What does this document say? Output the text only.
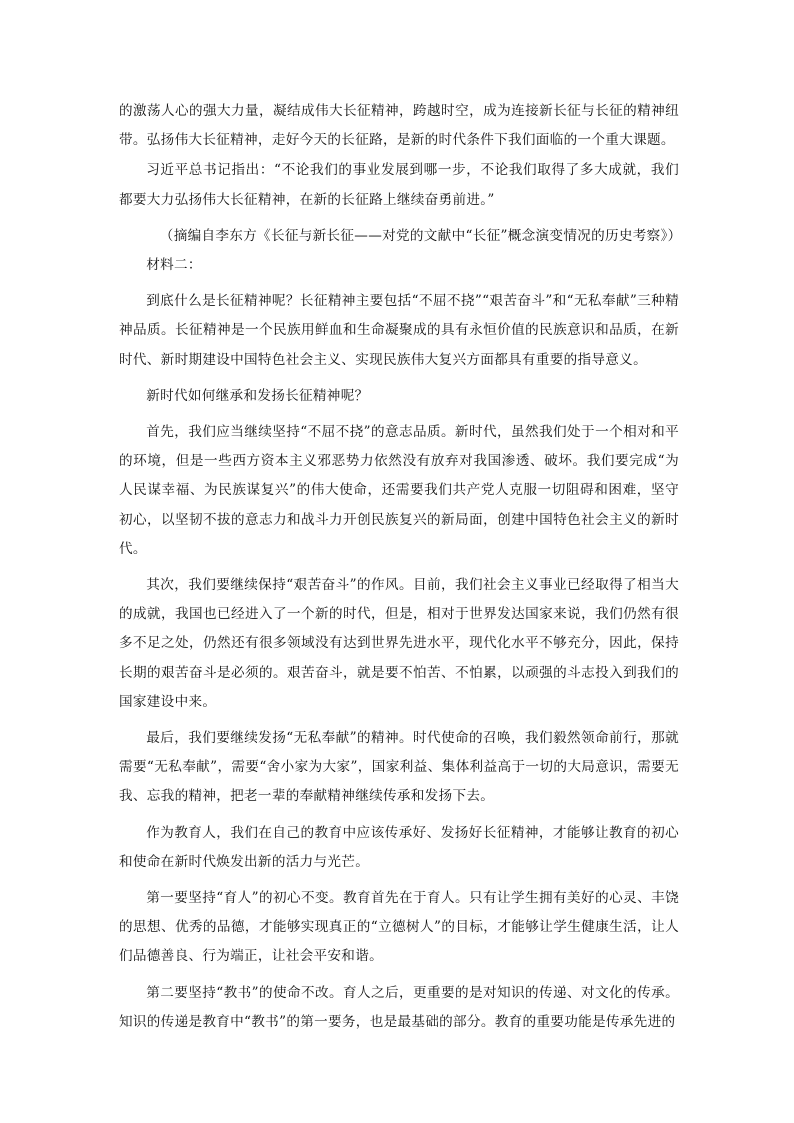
的激荡人心的强大力量，凝结成伟大长征精神，跨越时空，成为连接新长征与长征的精神纽带。弘扬伟大长征精神，走好今天的长征路，是新的时代条件下我们面临的一个重大课题。

习近平总书记指出：“不论我们的事业发展到哪一步，不论我们取得了多大成就，我们都要大力弘扬伟大长征精神，在新的长征路上继续奋勇前进。”

（摘编自李东方《长征与新长征——对党的文献中“长征”概念演变情况的历史考察》）

材料二：

到底什么是长征精神呢？长征精神主要包括“不屈不挠”“艰苦奋斗”和“无私奉献”三种精神品质。长征精神是一个民族用鲜血和生命凝聚成的具有永恒价值的民族意识和品质，在新时代、新时期建设中国特色社会主义、实现民族伟大复兴方面都具有重要的指导意义。

新时代如何继承和发扬长征精神呢？

首先，我们应当继续坚持“不屈不挠”的意志品质。新时代，虽然我们处于一个相对和平的环境，但是一些西方资本主义邪恶势力依然没有放弃对我国渗透、破坏。我们要完成“为人民谋幸福、为民族谋复兴”的伟大使命，还需要我们共产党人克服一切阻碍和困难，坚守初心，以坚韧不拔的意志力和战斗力开创民族复兴的新局面，创建中国特色社会主义的新时代。

其次，我们要继续保持“艰苦奋斗”的作风。目前，我们社会主义事业已经取得了相当大的成就，我国也已经进入了一个新的时代，但是，相对于世界发达国家来说，我们仍然有很多不足之处，仍然还有很多领域没有达到世界先进水平，现代化水平不够充分，因此，保持长期的艰苦奋斗是必须的。艰苦奋斗，就是要不怕苦、不怕累，以顽强的斗志投入到我们的国家建设中来。

最后，我们要继续发扬“无私奉献”的精神。时代使命的召唤，我们毅然领命前行，那就需要“无私奉献”，需要“舍小家为大家”，国家利益、集体利益高于一切的大局意识，需要无我、忘我的精神，把老一辈的奉献精神继续传承和发扬下去。

作为教育人，我们在自己的教育中应该传承好、发扬好长征精神，才能够让教育的初心和使命在新时代焕发出新的活力与光芒。

第一要坚持“育人”的初心不变。教育首先在于育人。只有让学生拥有美好的心灵、丰饶的思想、优秀的品德，才能够实现真正的“立德树人”的目标，才能够让学生健康生活，让人们品德善良、行为端正，让社会平安和谐。

第二要坚持“教书”的使命不改。育人之后，更重要的是对知识的传递、对文化的传承。知识的传递是教育中“教书”的第一要务，也是最基础的部分。教育的重要功能是传承先进的
